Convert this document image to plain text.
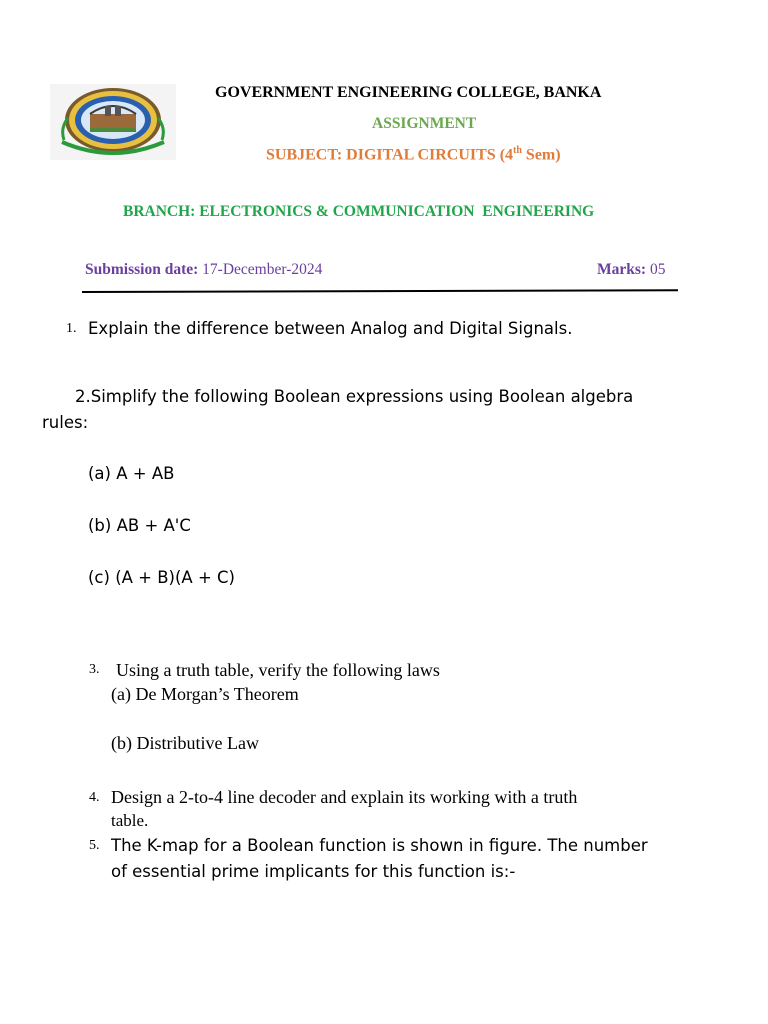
GOVERNMENT ENGINEERING COLLEGE, BANKA
ASSIGNMENT
SUBJECT: DIGITAL CIRCUITS (4th Sem)
BRANCH: ELECTRONICS & COMMUNICATION  ENGINEERING
Submission date: 17-December-2024	Marks: 05
1. Explain the difference between Analog and Digital Signals.
2.Simplify the following Boolean expressions using Boolean algebra
rules:
(a) A + AB
(b) AB + A'C
(c) (A + B)(A + C)
3. Using a truth table, verify the following laws
(a) De Morgan’s Theorem
(b) Distributive Law
4. Design a 2-to-4 line decoder and explain its working with a truth
table.
5. The K-map for a Boolean function is shown in figure. The number
of essential prime implicants for this function is:-
